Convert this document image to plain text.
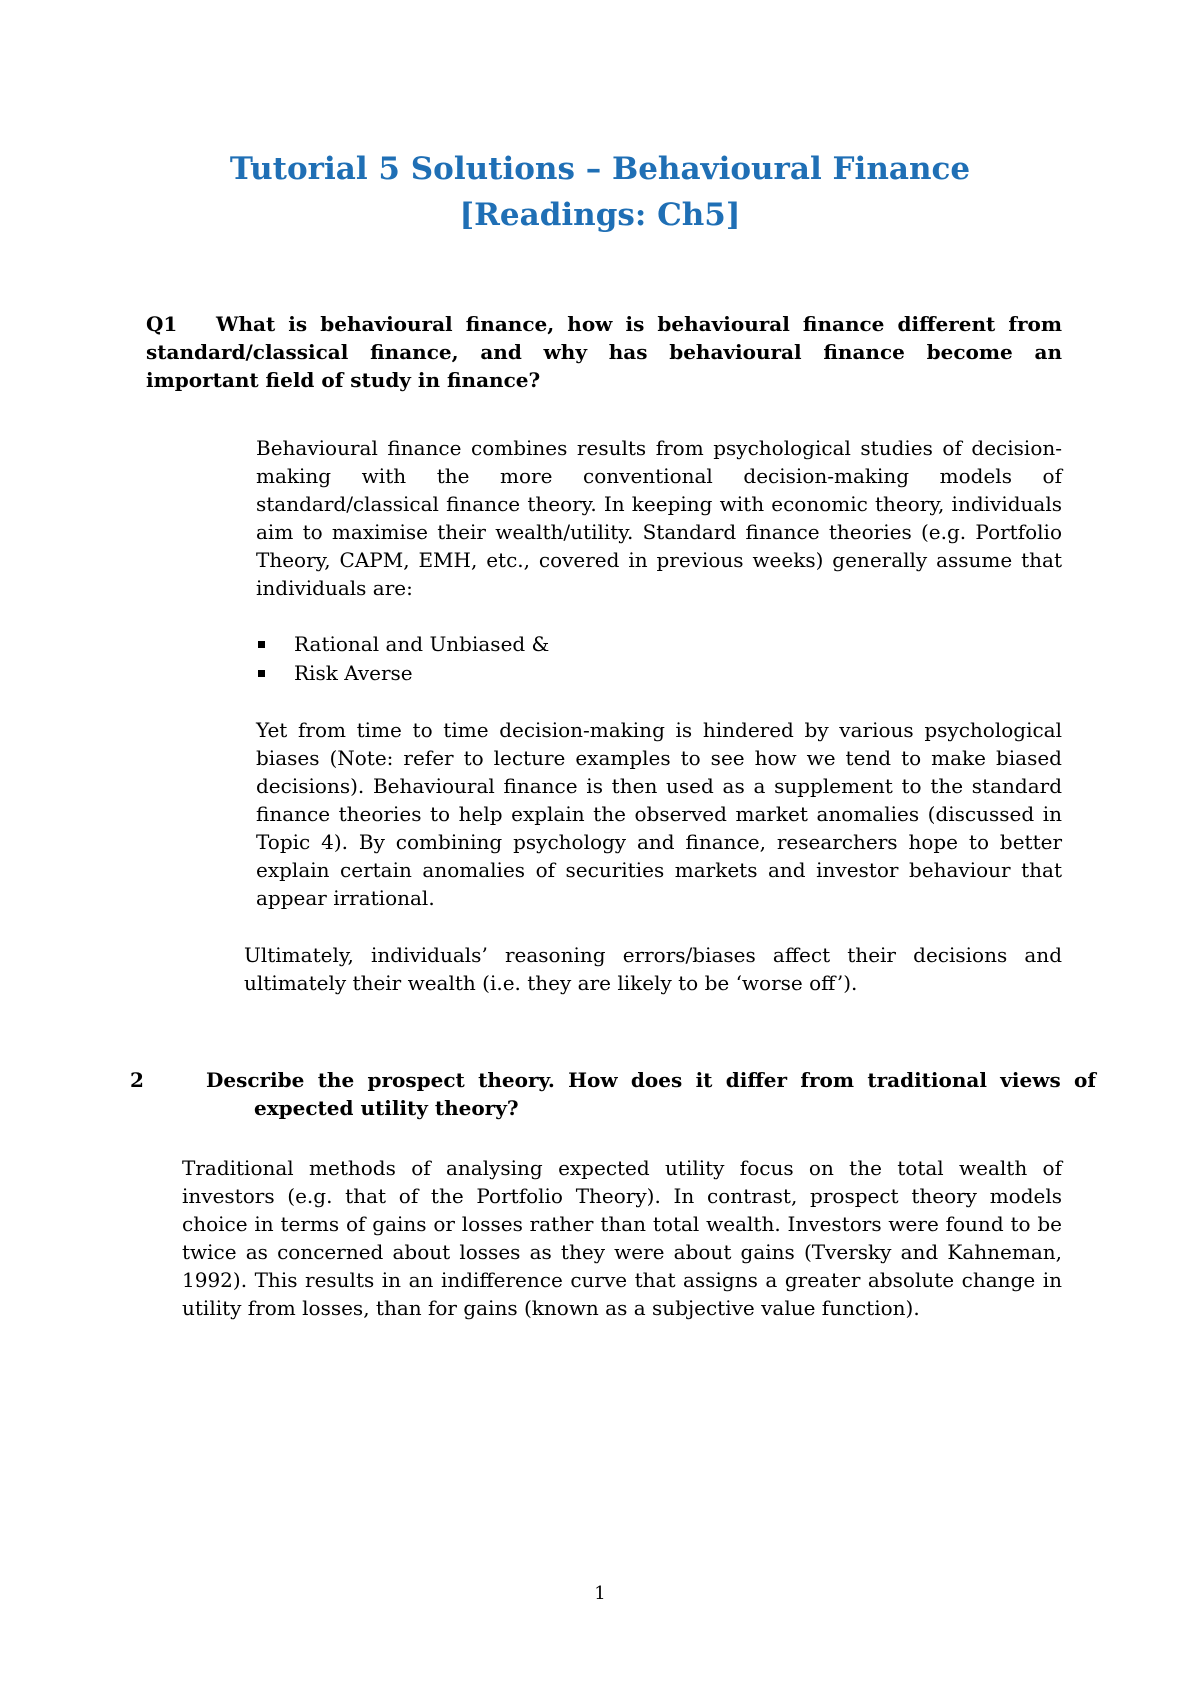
Tutorial 5 Solutions – Behavioural Finance
[Readings: Ch5]

Q1 What is behavioural finance, how is behavioural finance different from standard/classical finance, and why has behavioural finance become an important field of study in finance?

Behavioural finance combines results from psychological studies of decision-making with the more conventional decision-making models of standard/classical finance theory. In keeping with economic theory, individuals aim to maximise their wealth/utility. Standard finance theories (e.g. Portfolio Theory, CAPM, EMH, etc., covered in previous weeks) generally assume that individuals are:

Rational and Unbiased &
Risk Averse

Yet from time to time decision-making is hindered by various psychological biases (Note: refer to lecture examples to see how we tend to make biased decisions). Behavioural finance is then used as a supplement to the standard finance theories to help explain the observed market anomalies (discussed in Topic 4). By combining psychology and finance, researchers hope to better explain certain anomalies of securities markets and investor behaviour that appear irrational.

Ultimately, individuals’ reasoning errors/biases affect their decisions and ultimately their wealth (i.e. they are likely to be ‘worse off’).

2	Describe the prospect theory. How does it differ from traditional views of
expected utility theory?

Traditional methods of analysing expected utility focus on the total wealth of investors (e.g. that of the Portfolio Theory). In contrast, prospect theory models choice in terms of gains or losses rather than total wealth. Investors were found to be twice as concerned about losses as they were about gains (Tversky and Kahneman, 1992). This results in an indifference curve that assigns a greater absolute change in utility from losses, than for gains (known as a subjective value function).

1
